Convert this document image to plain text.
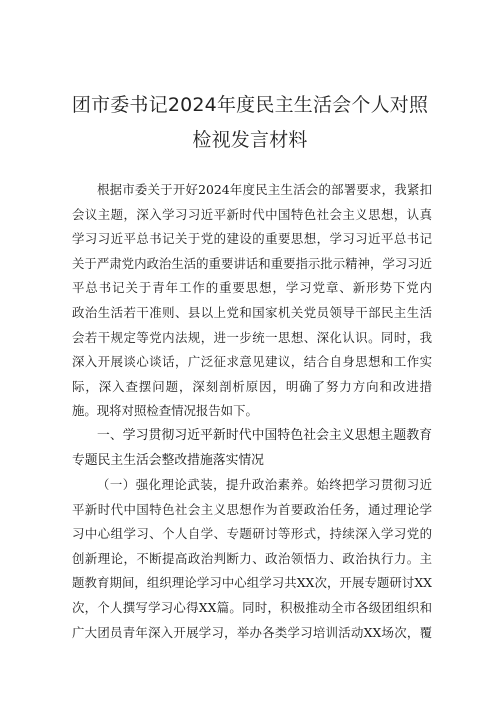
团市委书记2024年度民主生活会个人对照
检视发言材料
根据市委关于开好2024年度民主生活会的部署要求，我紧扣
会议主题，深入学习习近平新时代中国特色社会主义思想，认真
学习习近平总书记关于党的建设的重要思想，学习习近平总书记
关于严肃党内政治生活的重要讲话和重要指示批示精神，学习习近
平总书记关于青年工作的重要思想，学习党章、新形势下党内
政治生活若干准则、县以上党和国家机关党员领导干部民主生活
会若干规定等党内法规，进一步统一思想、深化认识。同时，我
深入开展谈心谈话，广泛征求意见建议，结合自身思想和工作实
际，深入查摆问题，深刻剖析原因，明确了努力方向和改进措
施。现将对照检查情况报告如下。
一、学习贯彻习近平新时代中国特色社会主义思想主题教育
专题民主生活会整改措施落实情况
（一）强化理论武装，提升政治素养。始终把学习贯彻习近
平新时代中国特色社会主义思想作为首要政治任务，通过理论学
习中心组学习、个人自学、专题研讨等形式，持续深入学习党的
创新理论，不断提高政治判断力、政治领悟力、政治执行力。主
题教育期间，组织理论学习中心组学习共XX次，开展专题研讨XX
次，个人撰写学习心得XX篇。同时，积极推动全市各级团组织和
广大团员青年深入开展学习，举办各类学习培训活动XX场次，覆
